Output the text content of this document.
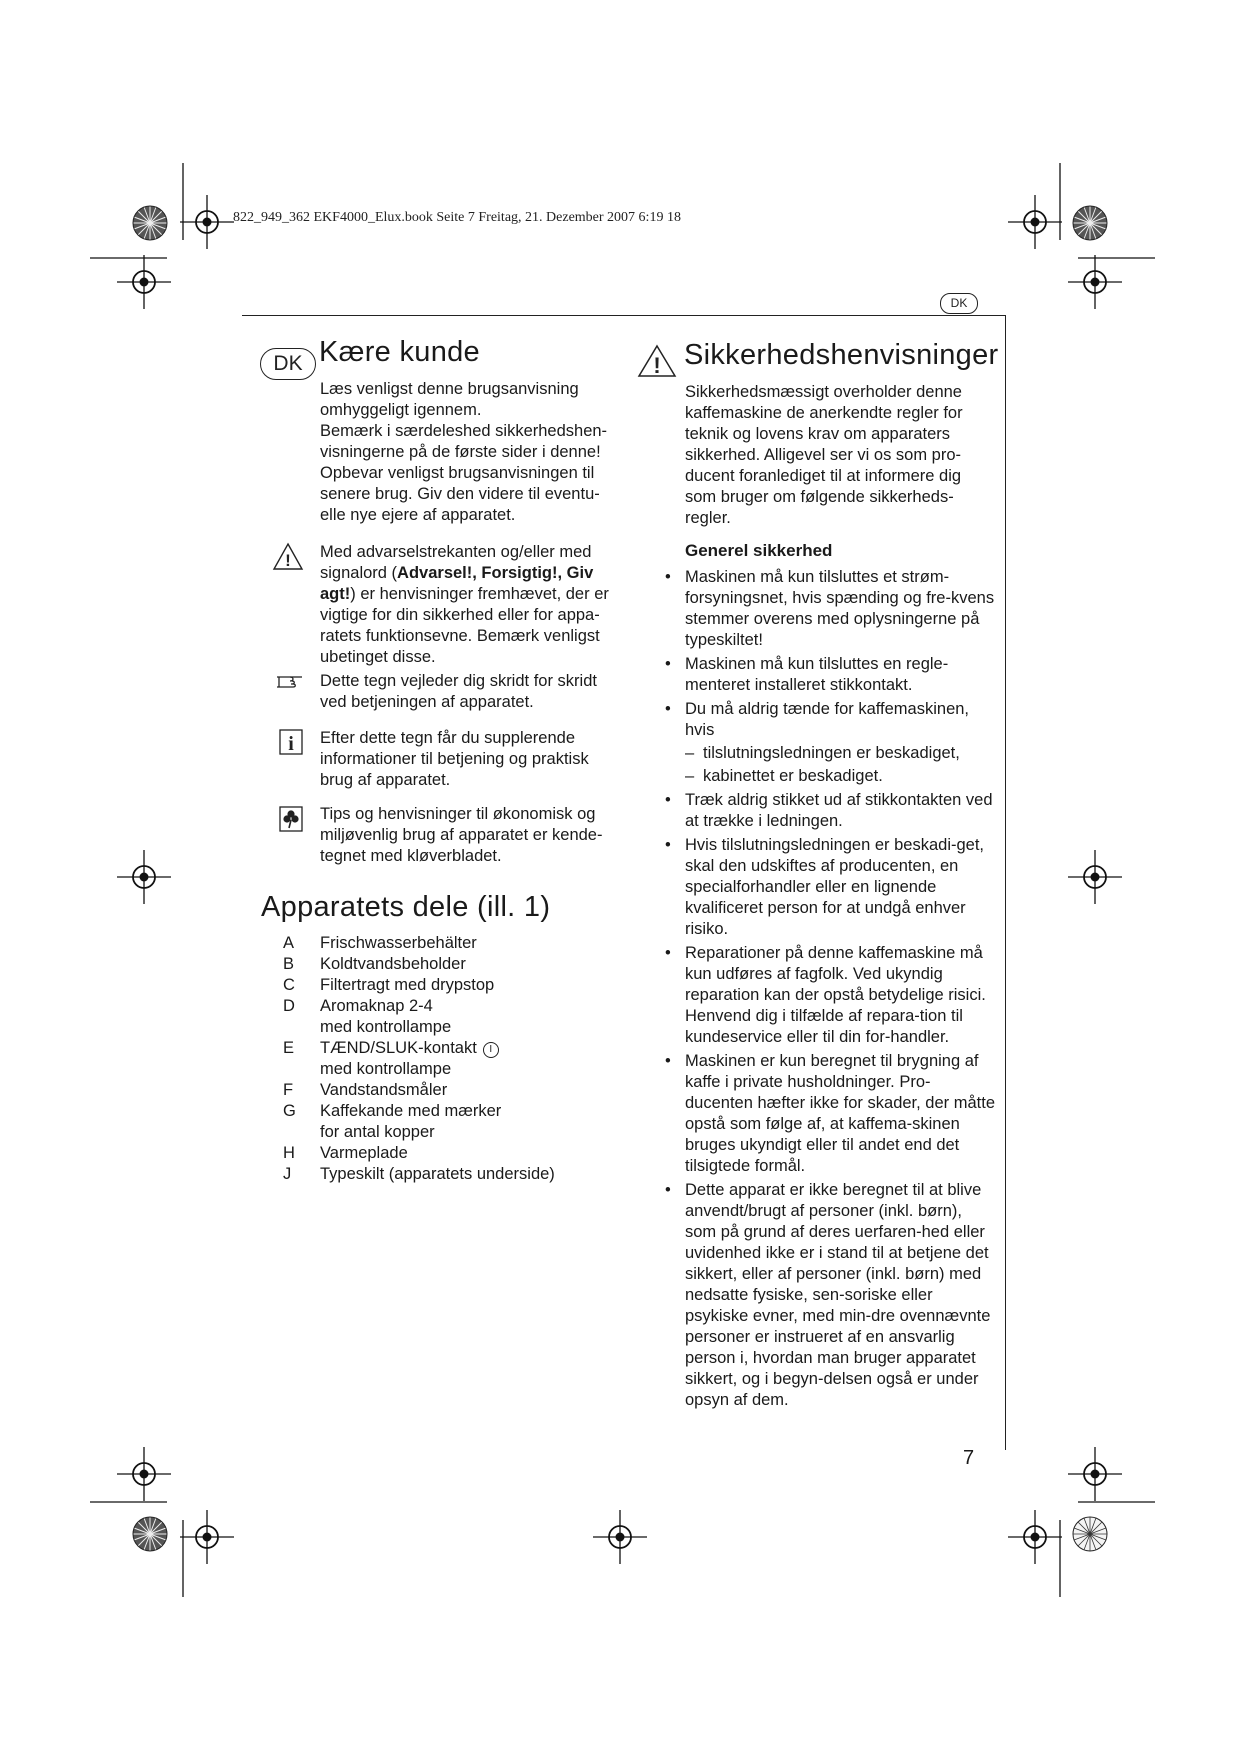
822_949_362 EKF4000_Elux.book Seite 7 Freitag, 21. Dezember 2007 6:19 18
DK
DK Kære kunde

Læs venligst denne brugsanvisning omhyggeligt igennem.

Bemærk i særdeleshed sikkerhedshen-visningerne på de første sider i denne! Opbevar venligst brugsanvisningen til senere brug. Giv den videre til eventu-elle nye ejere af apparatet.

! Med advarselstrekanten og/eller med signalord (Advarsel!, Forsigtig!, Giv agt!) er henvisninger fremhævet, der er vigtige for din sikkerhed eller for appa-ratets funktionsevne. Bemærk venligst ubetinget disse.

Dette tegn vejleder dig skridt for skridt ved betjeningen af apparatet.

i Efter dette tegn får du supplerende informationer til betjening og praktisk brug af apparatet.

Tips og henvisninger til økonomisk og miljøvenlig brug af apparatet er kende-tegnet med kløverbladet.

Apparatets dele (ill. 1)
A	Frischwasserbehälter
B	Koldtvandsbeholder
C	Filtertragt med drypstop
D	Aromaknap 2-4
med kontrollampe
E	TÆND/SLUK-kontakt I
med kontrollampe
F	Vandstandsmåler
G	Kaffekande med mærker
for antal kopper
H	Varmeplade
J	Typeskilt (apparatets underside)
! Sikkerhedshenvisninger

Sikkerhedsmæssigt overholder denne kaffemaskine de anerkendte regler for teknik og lovens krav om apparaters sikkerhed. Alligevel ser vi os som pro-ducent foranlediget til at informere dig som bruger om følgende sikkerheds-regler.

Generel sikkerhed
• Maskinen må kun tilsluttes et strøm-forsyningsnet, hvis spænding og fre-kvens stemmer overens med oplysningerne på typeskiltet!
• Maskinen må kun tilsluttes en regle-menteret installeret stikkontakt.
• Du må aldrig tænde for kaffemaskinen, hvis
– tilslutningsledningen er beskadiget,
– kabinettet er beskadiget.
• Træk aldrig stikket ud af stikkontakten ved at trække i ledningen.
• Hvis tilslutningsledningen er beskadi-get, skal den udskiftes af producenten, en specialforhandler eller en lignende kvalificeret person for at undgå enhver risiko.
• Reparationer på denne kaffemaskine må kun udføres af fagfolk. Ved ukyndig reparation kan der opstå betydelige risici. Henvend dig i tilfælde af repara-tion til kundeservice eller til din for-handler.
• Maskinen er kun beregnet til brygning af kaffe i private husholdninger. Pro-ducenten hæfter ikke for skader, der måtte opstå som følge af, at kaffema-skinen bruges ukyndigt eller til andet end det tilsigtede formål.
• Dette apparat er ikke beregnet til at blive anvendt/brugt af personer (inkl. børn), som på grund af deres uerfaren-hed eller uvidenhed ikke er i stand til at betjene det sikkert, eller af personer (inkl. børn) med nedsatte fysiske, sen-soriske eller psykiske evner, med min-dre ovennævnte personer er instrueret af en ansvarlig person i, hvordan man bruger apparatet sikkert, og i begyn-delsen også er under opsyn af dem.
7
